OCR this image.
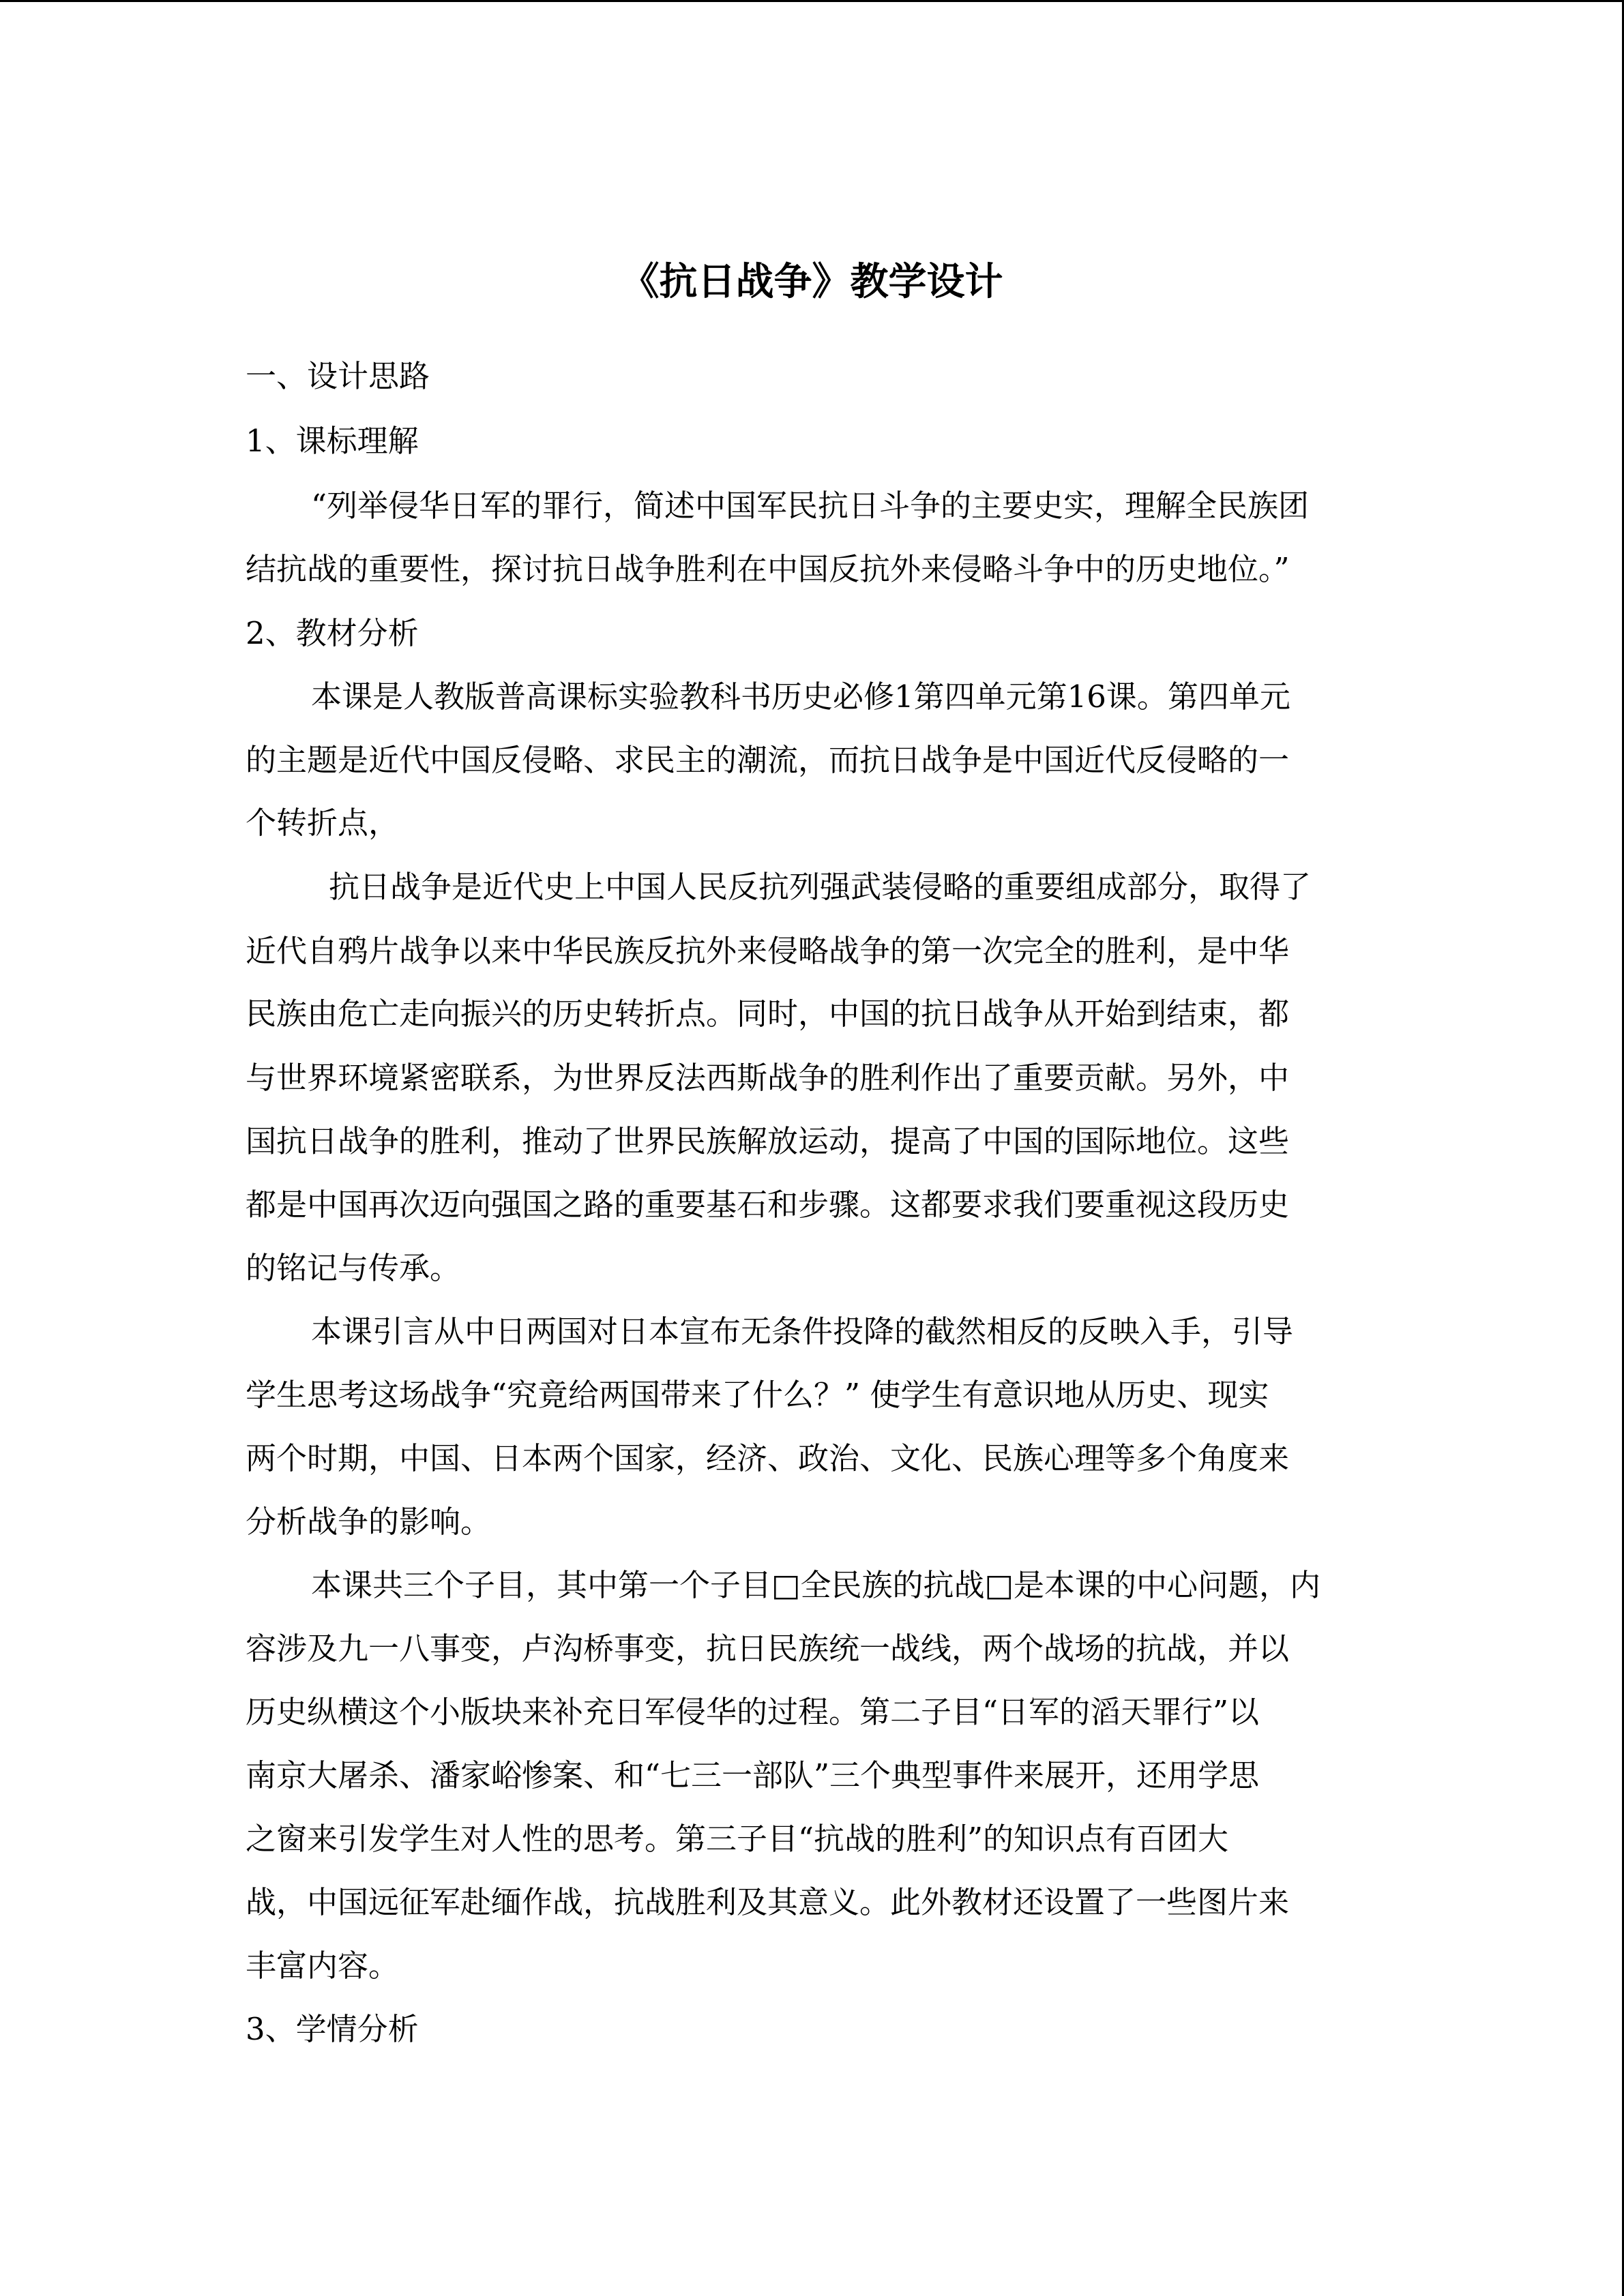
《抗日战争》教学设计

一、设计思路

1、课标理解

“列举侵华日军的罪行，简述中国军民抗日斗争的主要史实，理解全民族团

结抗战的重要性，探讨抗日战争胜利在中国反抗外来侵略斗争中的历史地位。”

2、教材分析

本课是人教版普高课标实验教科书历史必修1第四单元第16课。第四单元

的主题是近代中国反侵略、求民主的潮流，而抗日战争是中国近代反侵略的一

个转折点，

抗日战争是近代史上中国人民反抗列强武装侵略的重要组成部分，取得了

近代自鸦片战争以来中华民族反抗外来侵略战争的第一次完全的胜利，是中华

民族由危亡走向振兴的历史转折点。同时，中国的抗日战争从开始到结束，都

与世界环境紧密联系，为世界反法西斯战争的胜利作出了重要贡献。另外，中

国抗日战争的胜利，推动了世界民族解放运动，提高了中国的国际地位。这些

都是中国再次迈向强国之路的重要基石和步骤。这都要求我们要重视这段历史

的铭记与传承。

本课引言从中日两国对日本宣布无条件投降的截然相反的反映入手，引导

学生思考这场战争“究竟给两国带来了什么？” 使学生有意识地从历史、现实

两个时期，中国、日本两个国家，经济、政治、文化、民族心理等多个角度来

分析战争的影响。

本课共三个子目，其中第一个子目□全民族的抗战□是本课的中心问题，内

容涉及九一八事变，卢沟桥事变，抗日民族统一战线，两个战场的抗战，并以

历史纵横这个小版块来补充日军侵华的过程。第二子目“日军的滔天罪行”以

南京大屠杀、潘家峪惨案、和“七三一部队”三个典型事件来展开，还用学思

之窗来引发学生对人性的思考。第三子目“抗战的胜利”的知识点有百团大

战，中国远征军赴缅作战，抗战胜利及其意义。此外教材还设置了一些图片来

丰富内容。

3、学情分析
